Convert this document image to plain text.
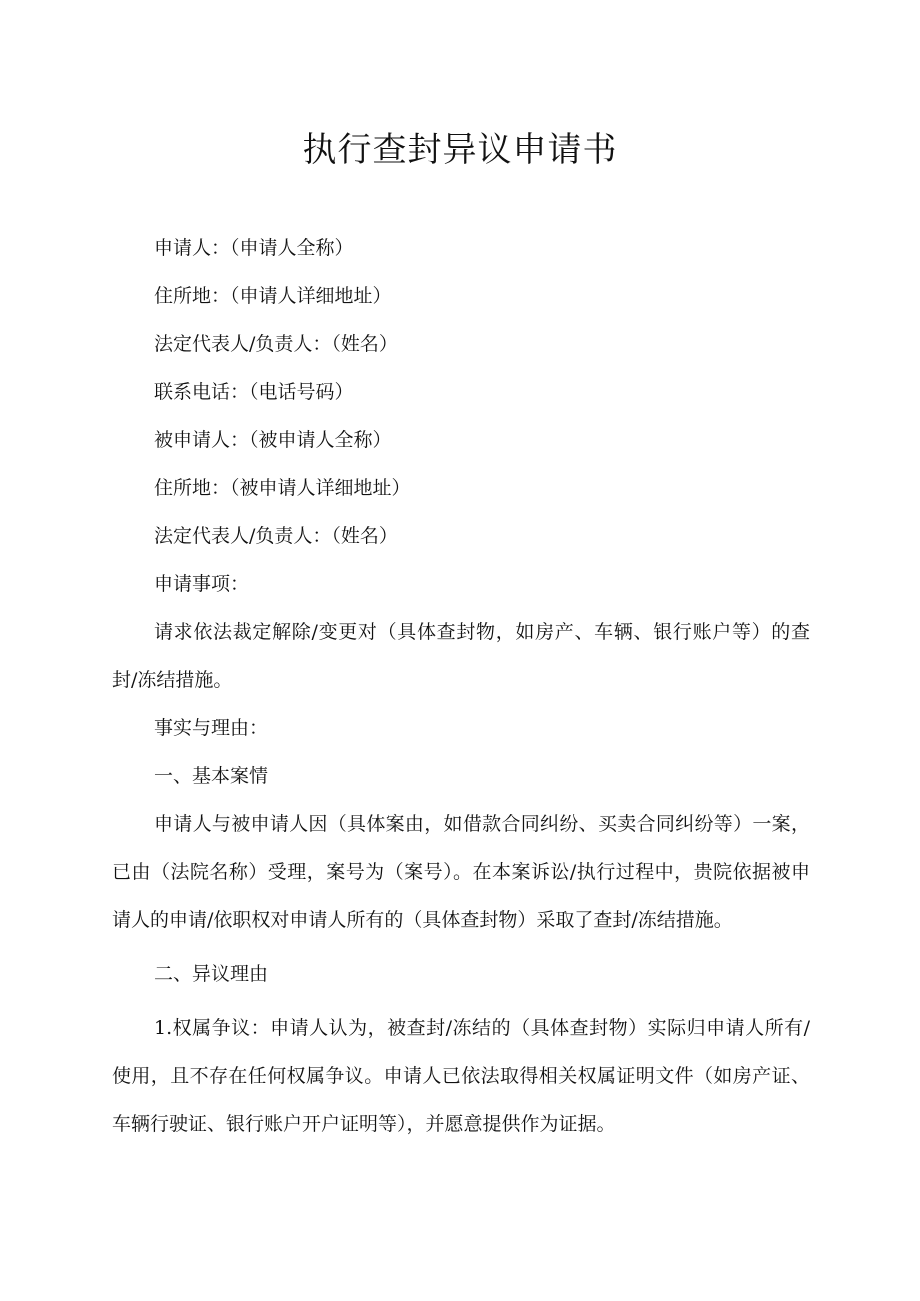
执行查封异议申请书

申请人：（申请人全称）

住所地：（申请人详细地址）

法定代表人/负责人：（姓名）

联系电话：（电话号码）

被申请人：（被申请人全称）

住所地：（被申请人详细地址）

法定代表人/负责人：（姓名）

申请事项：

请求依法裁定解除/变更对（具体查封物，如房产、车辆、银行账户等）的查封/冻结措施。

事实与理由：

一、基本案情

申请人与被申请人因（具体案由，如借款合同纠纷、买卖合同纠纷等）一案，已由（法院名称）受理，案号为（案号）。在本案诉讼/执行过程中，贵院依据被申请人的申请/依职权对申请人所有的（具体查封物）采取了查封/冻结措施。

二、异议理由

1.权属争议：申请人认为，被查封/冻结的（具体查封物）实际归申请人所有/使用，且不存在任何权属争议。申请人已依法取得相关权属证明文件（如房产证、车辆行驶证、银行账户开户证明等），并愿意提供作为证据。
